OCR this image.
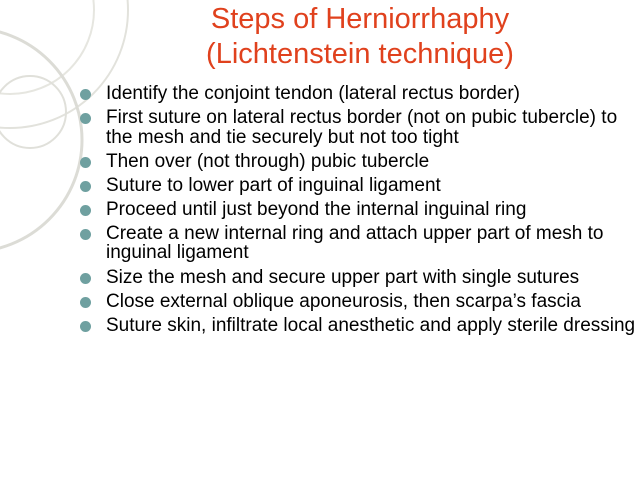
Steps of Herniorrhaphy
(Lichtenstein technique)
Identify the conjoint tendon (lateral rectus border)
First suture on lateral rectus border (not on pubic tubercle) to the mesh and tie securely but not too tight
Then over (not through) pubic tubercle
Suture to lower part of inguinal ligament
Proceed until just beyond the internal inguinal ring
Create a new internal ring and attach upper part of mesh to inguinal ligament
Size the mesh and secure upper part with single sutures
Close external oblique aponeurosis, then scarpa’s fascia
Suture skin, infiltrate local anesthetic and apply sterile dressing
